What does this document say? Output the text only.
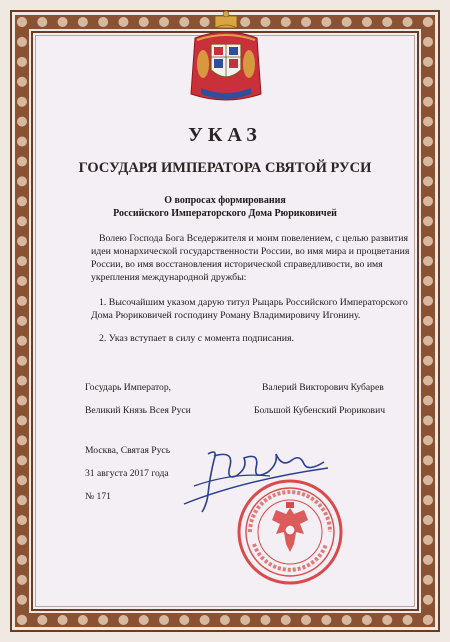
УКАЗ
ГОСУДАРЯ ИМПЕРАТОРА СВЯТОЙ РУСИ
О вопросах формирования
Российского Императорского Дома Рюриковичей
Волею Господа Бога Вседержителя и моим повелением, с целью развития
идеи монархической государственности России, во имя мира и процветания
России, во имя восстановления исторической справедливости, во имя
укрепления международной дружбы:
1. Высочайшим указом дарую титул Рыцарь Российского Императорского
Дома Рюриковичей господину Роману Владимировичу Игонину.
2. Указ вступает в силу с момента подписания.
Государь Император,
Великий Князь Всея Руси
Валерий Викторович Кубарев
Большой Кубенский Рюрикович
Москва, Святая Русь
31 августа 2017 года
№ 171
